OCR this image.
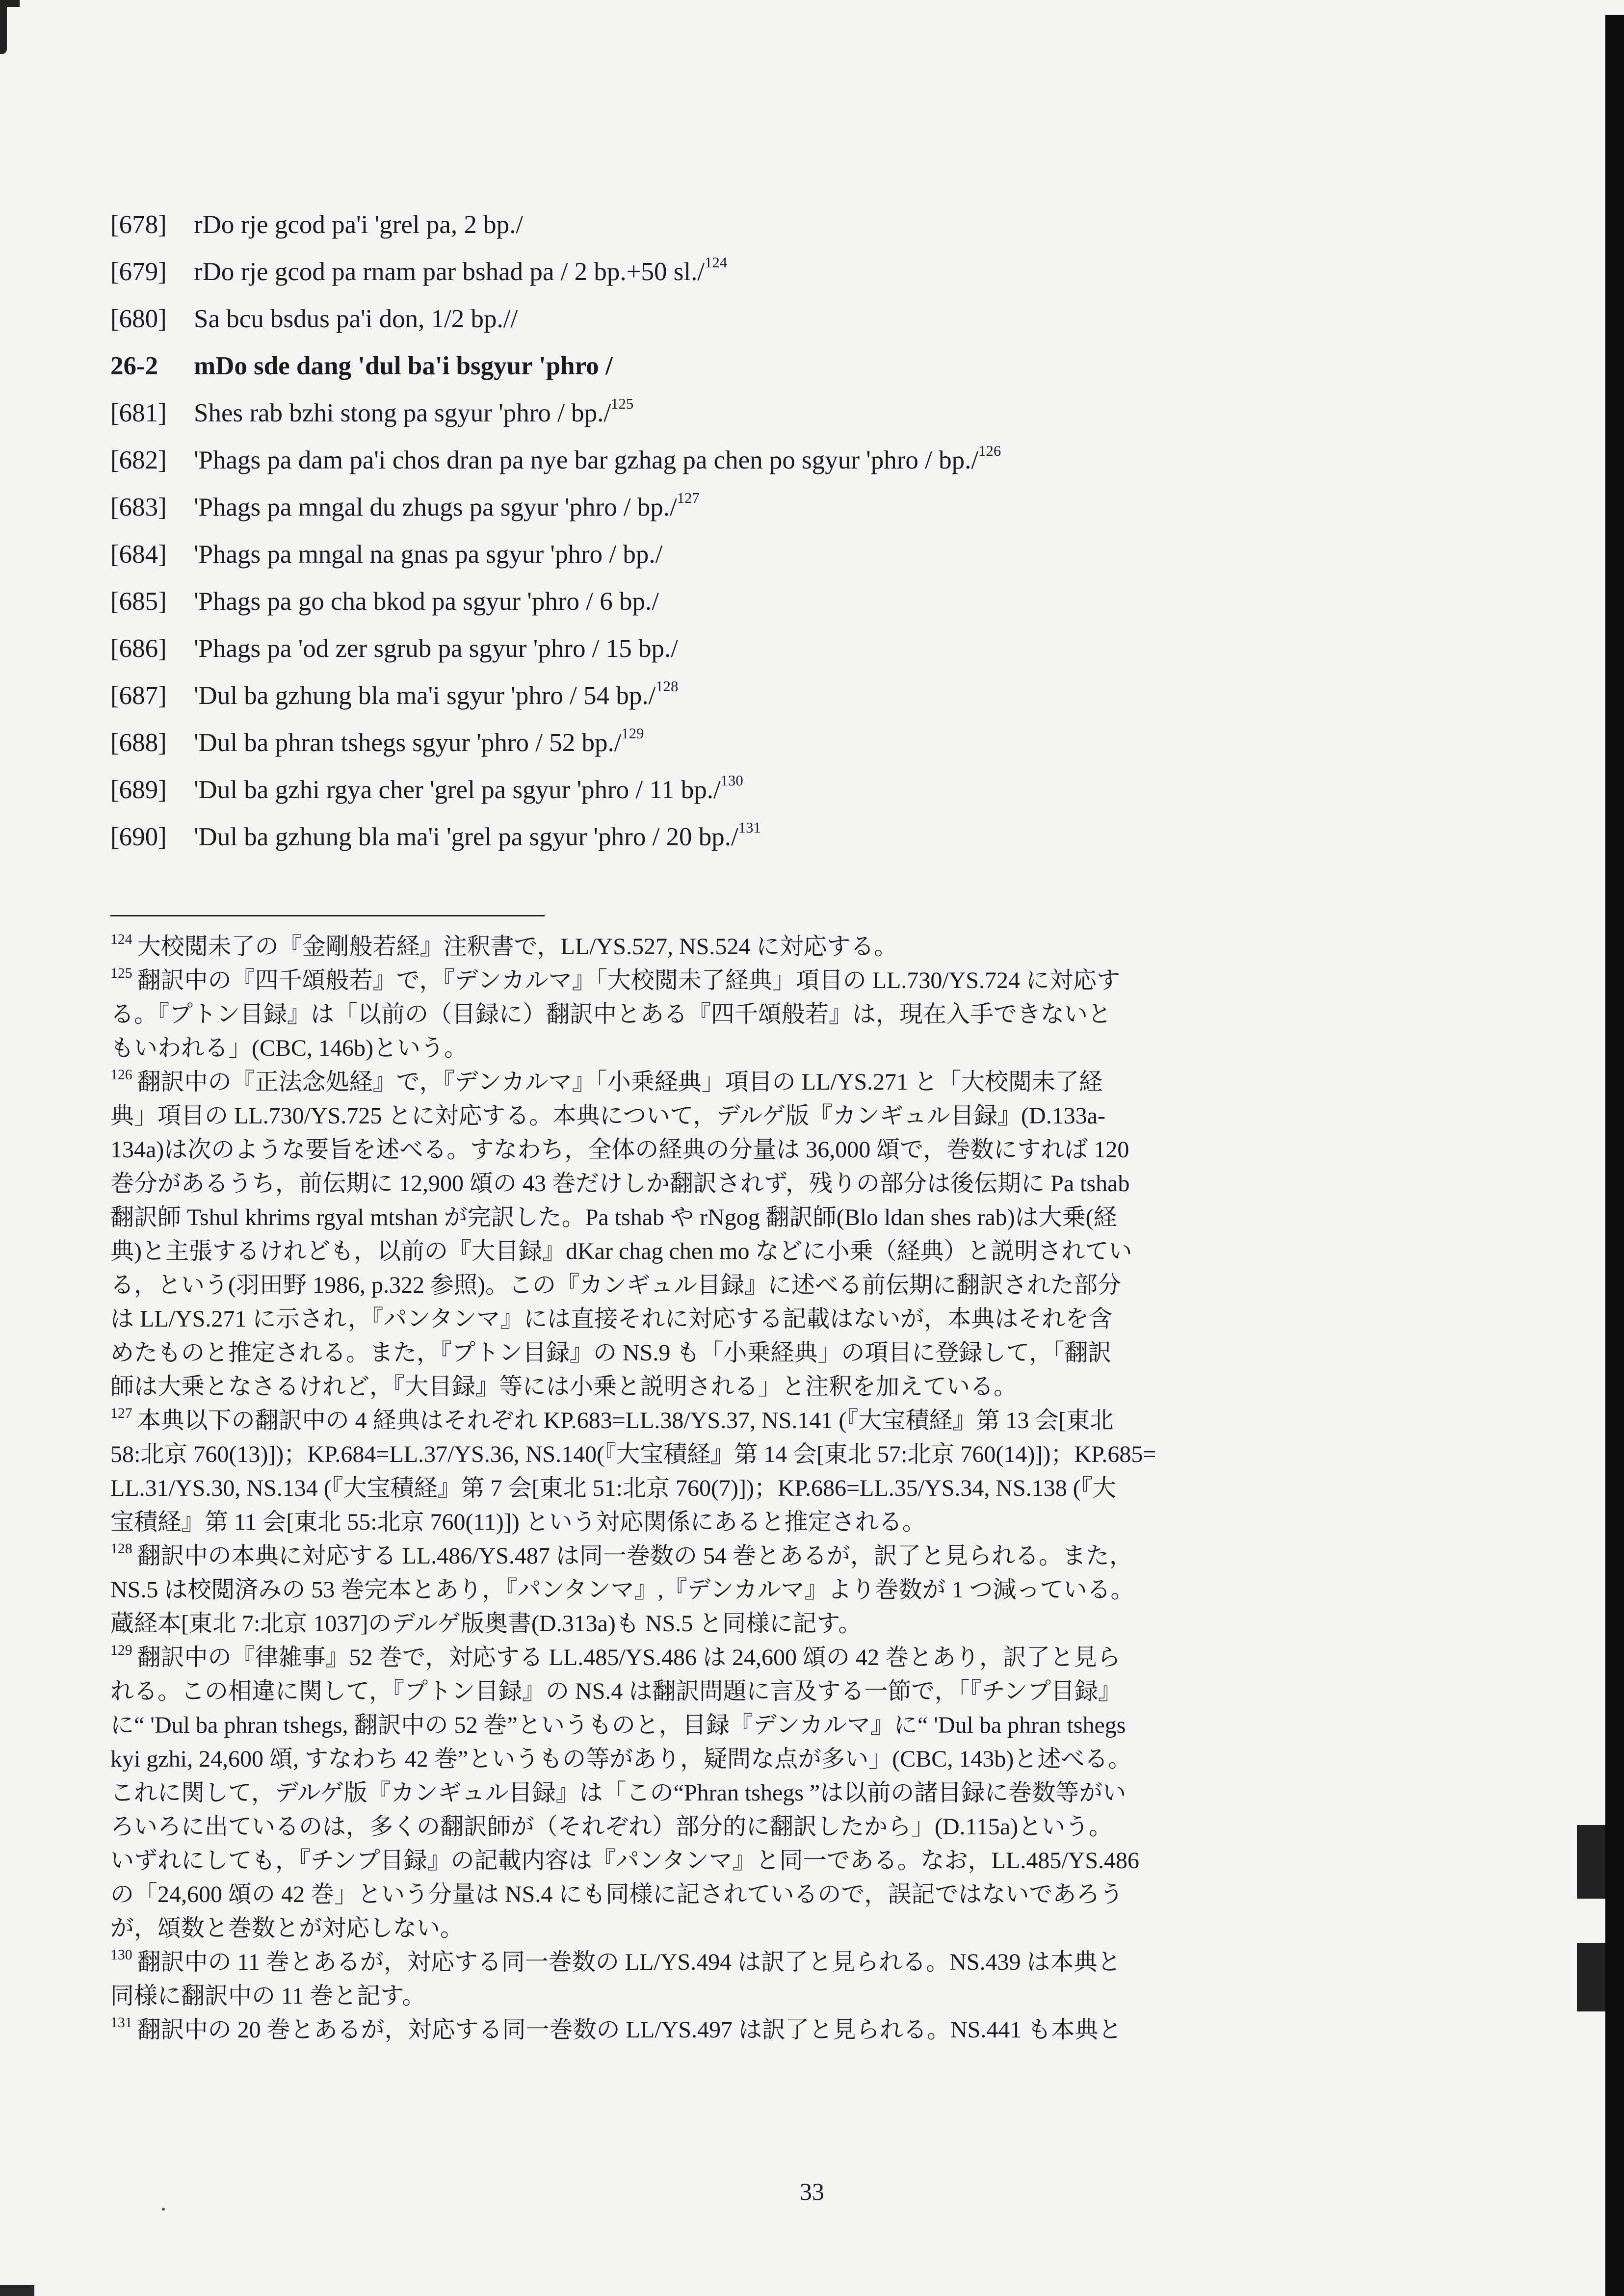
[678] rDo rje gcod pa'i 'grel pa, 2 bp./
[679] rDo rje gcod pa rnam par bshad pa / 2 bp.+50 sl./$^{124}$
[680] Sa bcu bsdus pa'i don, 1/2 bp.//
26-2 mDo sde dang 'dul ba'i bsgyur 'phro /
[681] Shes rab bzhi stong pa sgyur 'phro / bp./$^{125}$
[682] 'Phags pa dam pa'i chos dran pa nye bar gzhag pa chen po sgyur 'phro / bp./$^{126}$
[683] 'Phags pa mngal du zhugs pa sgyur 'phro / bp./$^{127}$
[684] 'Phags pa mngal na gnas pa sgyur 'phro / bp./
[685] 'Phags pa go cha bkod pa sgyur 'phro / 6 bp./
[686] 'Phags pa 'od zer sgrub pa sgyur 'phro / 15 bp./
[687] 'Dul ba gzhung bla ma'i sgyur 'phro / 54 bp./$^{128}$
[688] 'Dul ba phran tshegs sgyur 'phro / 52 bp./$^{129}$
[689] 'Dul ba gzhi rgya cher 'grel pa sgyur 'phro / 11 bp./$^{130}$
[690] 'Dul ba gzhung bla ma'i 'grel pa sgyur 'phro / 20 bp./$^{131}$

$^{124}$ 大校閲未了の『金剛般若経』注釈書で，LL/YS.527, NS.524 に対応する。

$^{125}$ 翻訳中の『四千頌般若』で，『デンカルマ』「大校閲未了経典」項目の LL.730/YS.724 に対応す

る。『プトン目録』は「以前の（目録に）翻訳中とある『四千頌般若』は，現在入手できないと

もいわれる」(CBC, 146b)という。

$^{126}$ 翻訳中の『正法念処経』で，『デンカルマ』「小乗経典」項目の LL/YS.271 と「大校閲未了経

典」項目の LL.730/YS.725 とに対応する。本典について，デルゲ版『カンギュル目録』(D.133a-

134a)は次のような要旨を述べる。すなわち，全体の経典の分量は 36,000 頌で，巻数にすれば 120

巻分があるうち，前伝期に 12,900 頌の 43 巻だけしか翻訳されず，残りの部分は後伝期に Pa tshab

翻訳師 Tshul khrims rgyal mtshan が完訳した。Pa tshab や rNgog 翻訳師(Blo ldan shes rab)は大乗(経

典)と主張するけれども，以前の『大目録』dKar chag chen mo などに小乗（経典）と説明されてい

る，という(羽田野 1986, p.322 参照)。この『カンギュル目録』に述べる前伝期に翻訳された部分

は LL/YS.271 に示され，『パンタンマ』には直接それに対応する記載はないが，本典はそれを含

めたものと推定される。また，『プトン目録』の NS.9 も「小乗経典」の項目に登録して，「翻訳

師は大乗となさるけれど，『大目録』等には小乗と説明される」と注釈を加えている。

$^{127}$ 本典以下の翻訳中の 4 経典はそれぞれ KP.683=LL.38/YS.37, NS.141 (『大宝積経』第 13 会[東北

58:北京 760(13)])；KP.684=LL.37/YS.36, NS.140(『大宝積経』第 14 会[東北 57:北京 760(14)])；KP.685=

LL.31/YS.30, NS.134 (『大宝積経』第 7 会[東北 51:北京 760(7)])；KP.686=LL.35/YS.34, NS.138 (『大

宝積経』第 11 会[東北 55:北京 760(11)]) という対応関係にあると推定される。

$^{128}$ 翻訳中の本典に対応する LL.486/YS.487 は同一巻数の 54 巻とあるが，訳了と見られる。また，

NS.5 は校閲済みの 53 巻完本とあり，『パンタンマ』,『デンカルマ』より巻数が 1 つ減っている。

蔵経本[東北 7:北京 1037]のデルゲ版奥書(D.313a)も NS.5 と同様に記す。

$^{129}$ 翻訳中の『律雑事』52 巻で，対応する LL.485/YS.486 は 24,600 頌の 42 巻とあり，訳了と見ら

れる。この相違に関して，『プトン目録』の NS.4 は翻訳問題に言及する一節で，「『チンプ目録』

に“ 'Dul ba phran tshegs, 翻訳中の 52 巻”というものと，目録『デンカルマ』に“ 'Dul ba phran tshegs

kyi gzhi, 24,600 頌, すなわち 42 巻”というもの等があり，疑問な点が多い」(CBC, 143b)と述べる。

これに関して，デルゲ版『カンギュル目録』は「この“Phran tshegs ”は以前の諸目録に巻数等がい

ろいろに出ているのは，多くの翻訳師が（それぞれ）部分的に翻訳したから」(D.115a)という。

いずれにしても，『チンプ目録』の記載内容は『パンタンマ』と同一である。なお，LL.485/YS.486

の「24,600 頌の 42 巻」という分量は NS.4 にも同様に記されているので，誤記ではないであろう

が，頌数と巻数とが対応しない。

$^{130}$ 翻訳中の 11 巻とあるが，対応する同一巻数の LL/YS.494 は訳了と見られる。NS.439 は本典と

同様に翻訳中の 11 巻と記す。

$^{131}$ 翻訳中の 20 巻とあるが，対応する同一巻数の LL/YS.497 は訳了と見られる。NS.441 も本典と

33
